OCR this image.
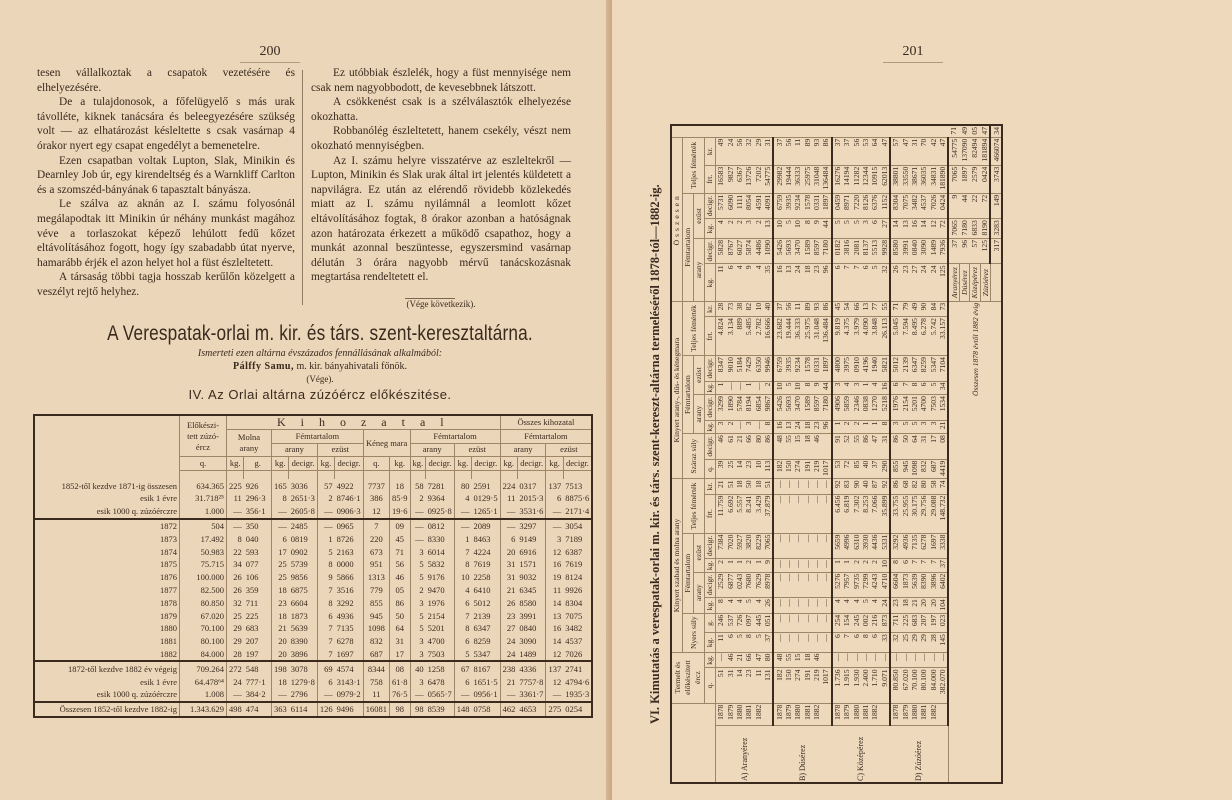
200

tesen vállalkoztak a csapatok vezetésére és elhelyezésére.

De a tulajdonosok, a főfelügyelő s más urak távolléte, kiknek tanácsára és beleegyezésére szükség volt — az elhatározást késleltette s csak vasárnap 4 órakor nyert egy csapat engedélyt a bemenetelre.

Ezen csapatban voltak Lupton, Slak, Minikin és Dearnley Job úr, egy kirendeltség és a Warnkliff Carlton és a szomszéd-bányának 6 tapasztalt bányásza.

Le szálva az aknán az I. számu folyosónál megálapodtak itt Minikin úr néhány munkást magához véve a torlaszokat képező lehúlott fedű kőzet eltávolításához fogott, hogy így szabadabb útat nyerve, hamarább érjék el azon helyet hol a füst észleltetett.

A társaság többi tagja hosszab kerűlőn közelgett a veszélyt rejtő helyhez.

Ez utóbbiak észlelék, hogy a füst mennyisége nem csak nem nagyobbodott, de kevesebbnek látszott.

A csökkenést csak is a szélválasztók elhelyezése okozhatta.

Robbanólég észleltetett, hanem csekély, vészt nem okozható mennyiségben.

Az I. számu helyre visszatérve az eszleltekről — Lupton, Minikin és Slak urak által irt jelentés küldetett a napvilágra. Ez után az elérendő rövidebb közlekedés miatt az I. számu nyilámnál a leomlott kőzet eltávolításához fogtak, 8 órakor azonban a hatóságnak azon határozata érkezett a működő csapathoz, hogy a munkát azonnal beszüntesse, egyszersmind vasárnap délután 3 órára nagyobb mérvű tanácskozásnak megtartása rendeltetett el.

(Vége következik).
A Verespatak-orlai m. kir. és társ. szent-keresztaltárna.
Ismerteti ezen altárna évszázados fennállásának alkalmából:
Pálffy Samu, m. kir. bányahivatali főnök.
(Vége).
IV. Az Orlai altárna zúzóércz előkészitése.
	Előkészi-tett zúzó-ércz	K i h o z a t a l												Összes kihozatal			
		Molna arany		Fémtartalom				Kéneg mara		Fémtartalom				Fémtartalom			
				arany		ezüst				arany		ezüst		arany		ezüst	
	q.	kg.	g.	kg.	decigr.	kg.	decigr.	q.	kg.	kg.	decigr.	kg.	decigr.	kg.	decigr.	kg.	decigr.

1852-től kezdve 1871-ig összesen	634.365	225	926	165	3036	57	4922	7737	18	58	7281	80	2591	224	0317	137	7513
esik 1 évre	31.718²⁵	11	296·3	8	2651·3	2	8746·1	386	85·9	2	9364	4	0129·5	11	2015·3	6	8875·6
esik 1000 q. zúzóérczre	1.000	—	356·1	—	2605·8	—	0906·3	12	19·6	—	0925·8	—	1265·1	—	3531·6	—	2171·4
1872	504	—	350	—	2485	—	0965	7	09	—	0812	—	2089	—	3297	—	3054
1873	17.492	8	040	6	0819	1	8726	220	45	—	8330	1	8463	6	9149	3	7189
1874	50.983	22	593	17	0902	5	2163	673	71	3	6014	7	4224	20	6916	12	6387
1875	75.715	34	077	25	5739	8	0000	951	56	5	5832	8	7619	31	1571	16	7619
1876	100.000	26	106	25	9856	9	5866	1313	46	5	9176	10	2258	31	9032	19	8124
1877	82.500	26	359	18	6875	7	3516	779	05	2	9470	4	6410	21	6345	11	9926
1878	80.850	32	711	23	6604	8	3292	855	86	3	1976	6	5012	26	8580	14	8304
1879	67.020	25	225	18	1873	6	4936	945	50	5	2154	7	2139	23	3991	13	7075
1880	70.100	29	683	21	5639	7	7135	1098	64	5	5201	8	6347	27	0840	16	3482
1881	80.100	29	207	20	8390	7	6278	832	31	3	4700	6	8259	24	3090	14	4537
1882	84.000	28	197	20	3896	7	1697	687	17	3	7503	5	5347	24	1489	12	7026
1872-től kezdve 1882 év végeig	709.264	272	548	198	3078	69	4574	8344	08	40	1258	67	8167	238	4336	137	2741
esik 1 évre	64.478⁶⁴	24	777·1	18	1279·8	6	3143·1	758	61·8	3	6478	6	1651·5	21	7757·8	12	4794·6
esik 1000 q. zúzóérczre	1.008	—	384·2	—	2796	—	0979·2	11	76·5	—	0565·7	—	0956·1	—	3361·7	—	1935·3
Összesen 1852-től kezdve 1882-ig	1.343.629	498	474	363	6114	126	9496	16081	98	98	8539	148	0758	462	4653	275	0254
201
VI. Kimutatás a verespatak-orlai m. kir. és társ. szent-kereszt-altárna termeléséről 1878-tól—1882-ig.
		Termelt és előkészitett ércz		Kinyert szabad és molna arany								Kinyert arany-, dűs- és kénegmara								Összesen						
				Nyers súly		Fémtartalom				Teljes fémérték		Száraz súly		Fémtartalom				Teljes fémérték		Fémtartalom				Teljes fémérték		
						arany		ezüst						arany		ezüst				arany		ezüst				
		q.	kg.	kg.	g.	kg.	decigr.	kg.	decigr.	frt.	kr.	q.	decigr.	kg.	decigr.	kg.	decigr.	frt.	kr.	kg.	decigr.	kg.	decigr.	frt.	kr.	
A) Aranyérez	1878	51	—	11	246	8	2529	2	7384	11.759	21	39	46	3	3299	1	8347	4.824	28	11	5828	4	5731	16583	49	
	1879	31	46	6	537	4	6877	1	7020	6.692	51	25	61	2	1890	—	9010	3.134	73	6	8767	2	6090	9827	24	
	1880	14	21	5	726	4	0243	1	5927	5.557	18	14	21	—	5784	—	5184	889	38	4	6027	2	1111	6367	56	
	1881	23	66	8	097	5	7680	2	3820	8.241	50	23	66	3	8194	1	7429	5.485	82	9	5874	3	8054	13726	32	
	1882	11	47	5	445	4	7629	1	8229	3.429	18	10	80	—	6854	—	6350	2.782	10	4	4486	2	4591	7202	29	
		131	80	37	051	26	8978	9	7065	37.879	51	113	86	8	9867	2	9946	16.666	40	35	1090	13	4091	54775	31	
B) Dúsérez	1878	182	48	—	—	—	—	—	—	—	—	182	48	16	5426	10	6759	23.682	37	16	5426	10	6759	29982	37	
	1879	150	55	—	—	—	—	—	—	—	—	150	55	13	5693	5	3935	19.444	56	13	5693	5	3935	19444	56	
	1880	274	15	—	—	—	—	—	—	—	—	274	15	24	3470	10	9234	36.333	11	24	3470	10	9234	36333	11	
	1881	191	18	—	—	—	—	—	—	—	—	191	18	18	1589	8	1578	25.975	89	18	1589	8	1578	25975	89	
	1882	219	46	—	—	—	—	—	—	—	—	219	46	23	8597	9	0331	31.048	93	23	8597	9	0331	31048	93	
		1017		—	—	—	—	—	—	—	—	1017		96	7180	44	1897	136.484	86	96	7180	44	1897	136484	86	
C) Középérez	1878	1.736	—	6	254	4	5276	1	5659	6.456	92	53	91	1	4906	3	4800	9.819	45	6	0182	5	0459	16276	37	
	1879	1.915	—	7	154	4	7957	1	4996	6.819	83	72	52	2	5859	4	3975	4.375	54	7	3816	5	8971	14194	37	
	1880	1.930	—	6	245	4	9735	2	6310	7.302	90	85	55	2	2346	3	0910	3.979	66	7	2081	5	7220	11282	56	
	1881	2.400	—	8	002	5	7299	2	3930	8.253	40	40	86	1	0838	1	4196	4.090	13	6	8137	3	8126	12344	53	
	1882	1.710	—	6	216	4	4243	2	4436	7.066	87	37	47	1	1270	4	1940	3.848	77	5	5513	6	6376	10915	64	
		9.071	—	33	873	24	4710	10	5331	35.899	92	290	31	8	5218	16	5821	26.113	55	32	9928	27	1152	62013	47	
D) Zúzóérez	1878	80.850	—	32	711	23	6604	8	3292	33.755	86	855	86	3	1976	6	5012	5.045	71	26	8580	14	8304	38801	57	
	1879	67.020	—	25	225	18	1873	6	4936	25.955	68	945	50	5	2154	7	2139	7.594	79	23	3991	13	7075	33550	47	
	1880	70.100	—	29	683	21	5639	7	7135	30.175	82	1098	64	5	5201	8	6347	8.495	49	27	0840	16	3482	38671	31	
	1881	80.100	—	29	207	20	8390	7	6278	29.756	80	832	31	3	4700	6	8259	6.278	90	24	3090	14	4537	36035	70	
	1882	84.000	—	28	197	20	3896	7	1697	29.088	58	687	17	3	7503	5	5347	5.742	84	24	1489	12	7026	34831	42	
		382.070	—	145	023	104	6402	37	3338	148.732	74	4419	08	21	1534	34	7104	33.157	73	125	7936	72	0424	181890	47	
Összesen 1878 évtől 1882 évig																				Aranyérez	37	7065	9	7065	54775	71
																				Dúsérez	96	7180	44	1897	137090	49
																				Középérez	57	6833	22	2579	82494	05
																				Zúzóérez	125	8190	72	0424	181894	47
																					317	3283	149	3743	466074	34
